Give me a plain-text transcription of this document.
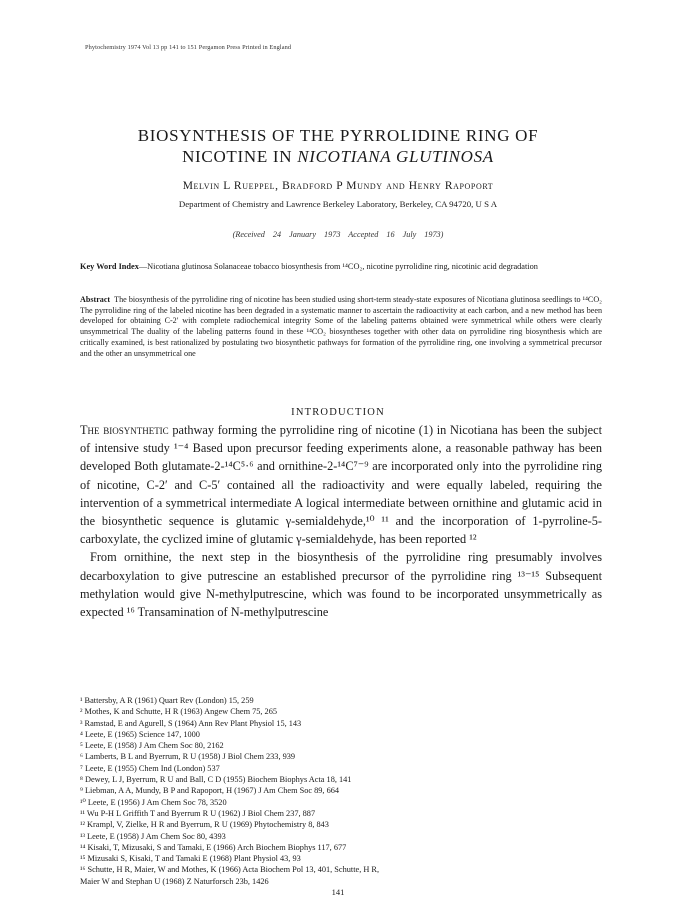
Phytochemistry 1974 Vol 13 pp 141 to 151 Pergamon Press Printed in England
BIOSYNTHESIS OF THE PYRROLIDINE RING OF
NICOTINE IN NICOTIANA GLUTINOSA
Melvin L Rueppel, Bradford P Mundy and Henry Rapoport
Department of Chemistry and Lawrence Berkeley Laboratory, Berkeley, CA 94720, U S A
(Received 24 January 1973 Accepted 16 July 1973)
Key Word Index—Nicotiana glutinosa Solanaceae tobacco biosynthesis from ¹⁴CO₂, nicotine pyrrolidine ring, nicotinic acid degradation
Abstract The biosynthesis of the pyrrolidine ring of nicotine has been studied using short-term steady-state exposures of Nicotiana glutinosa seedlings to ¹⁴CO₂ The pyrrolidine ring of the labeled nicotine has been degraded in a systematic manner to ascertain the radioactivity at each carbon, and a new method has been developed for obtaining C-2′ with complete radiochemical integrity Some of the labeling patterns obtained were symmetrical while others were clearly unsymmetrical The duality of the labeling patterns found in these ¹⁴CO₂ biosyntheses together with other data on pyrrolidine ring biosynthesis which are critically examined, is best rationalized by postulating two biosynthetic pathways for formation of the pyrrolidine ring, one involving a symmetrical precursor and the other an unsymmetrical one
INTRODUCTION

The biosynthetic pathway forming the pyrrolidine ring of nicotine (1) in Nicotiana has been the subject of intensive study ¹⁻⁴ Based upon precursor feeding experiments alone, a reasonable pathway has been developed Both glutamate-2-¹⁴C⁵·⁶ and ornithine-2-¹⁴C⁷⁻⁹ are incorporated only into the pyrrolidine ring of nicotine, C-2′ and C-5′ contained all the radioactivity and were equally labeled, requiring the intervention of a symmetrical intermediate A logical intermediate between ornithine and glutamic acid in the biosynthetic sequence is glutamic γ-semialdehyde,¹⁰ ¹¹ and the incorporation of 1-pyrroline-5-carboxylate, the cyclized imine of glutamic γ-semialdehyde, has been reported ¹²

From ornithine, the next step in the biosynthesis of the pyrrolidine ring presumably involves decarboxylation to give putrescine an established precursor of the pyrrolidine ring ¹³⁻¹⁵ Subsequent methylation would give N-methylputrescine, which was found to be incorporated unsymmetrically as expected ¹⁶ Transamination of N-methylputrescine

¹ Battersby, A R (1961) Quart Rev (London) 15, 259
² Mothes, K and Schutte, H R (1963) Angew Chem 75, 265
³ Ramstad, E and Agurell, S (1964) Ann Rev Plant Physiol 15, 143
⁴ Leete, E (1965) Science 147, 1000
⁵ Leete, E (1958) J Am Chem Soc 80, 2162
⁶ Lamberts, B L and Byerrum, R U (1958) J Biol Chem 233, 939
⁷ Leete, E (1955) Chem Ind (London) 537
⁸ Dewey, L J, Byerrum, R U and Ball, C D (1955) Biochem Biophys Acta 18, 141
⁹ Liebman, A A, Mundy, B P and Rapoport, H (1967) J Am Chem Soc 89, 664
¹⁰ Leete, E (1956) J Am Chem Soc 78, 3520
¹¹ Wu P-H L Griffith T and Byerrum R U (1962) J Biol Chem 237, 887
¹² Krampl, V, Zielke, H R and Byerrum, R U (1969) Phytochemistry 8, 843
¹³ Leete, E (1958) J Am Chem Soc 80, 4393
¹⁴ Kisaki, T, Mizusaki, S and Tamaki, E (1966) Arch Biochem Biophys 117, 677
¹⁵ Mizusaki S, Kisaki, T and Tamaki E (1968) Plant Physiol 43, 93
¹⁶ Schutte, H R, Maier, W and Mothes, K (1966) Acta Biochem Pol 13, 401, Schutte, H R,
Maier W and Stephan U (1968) Z Naturforsch 23b, 1426
141
